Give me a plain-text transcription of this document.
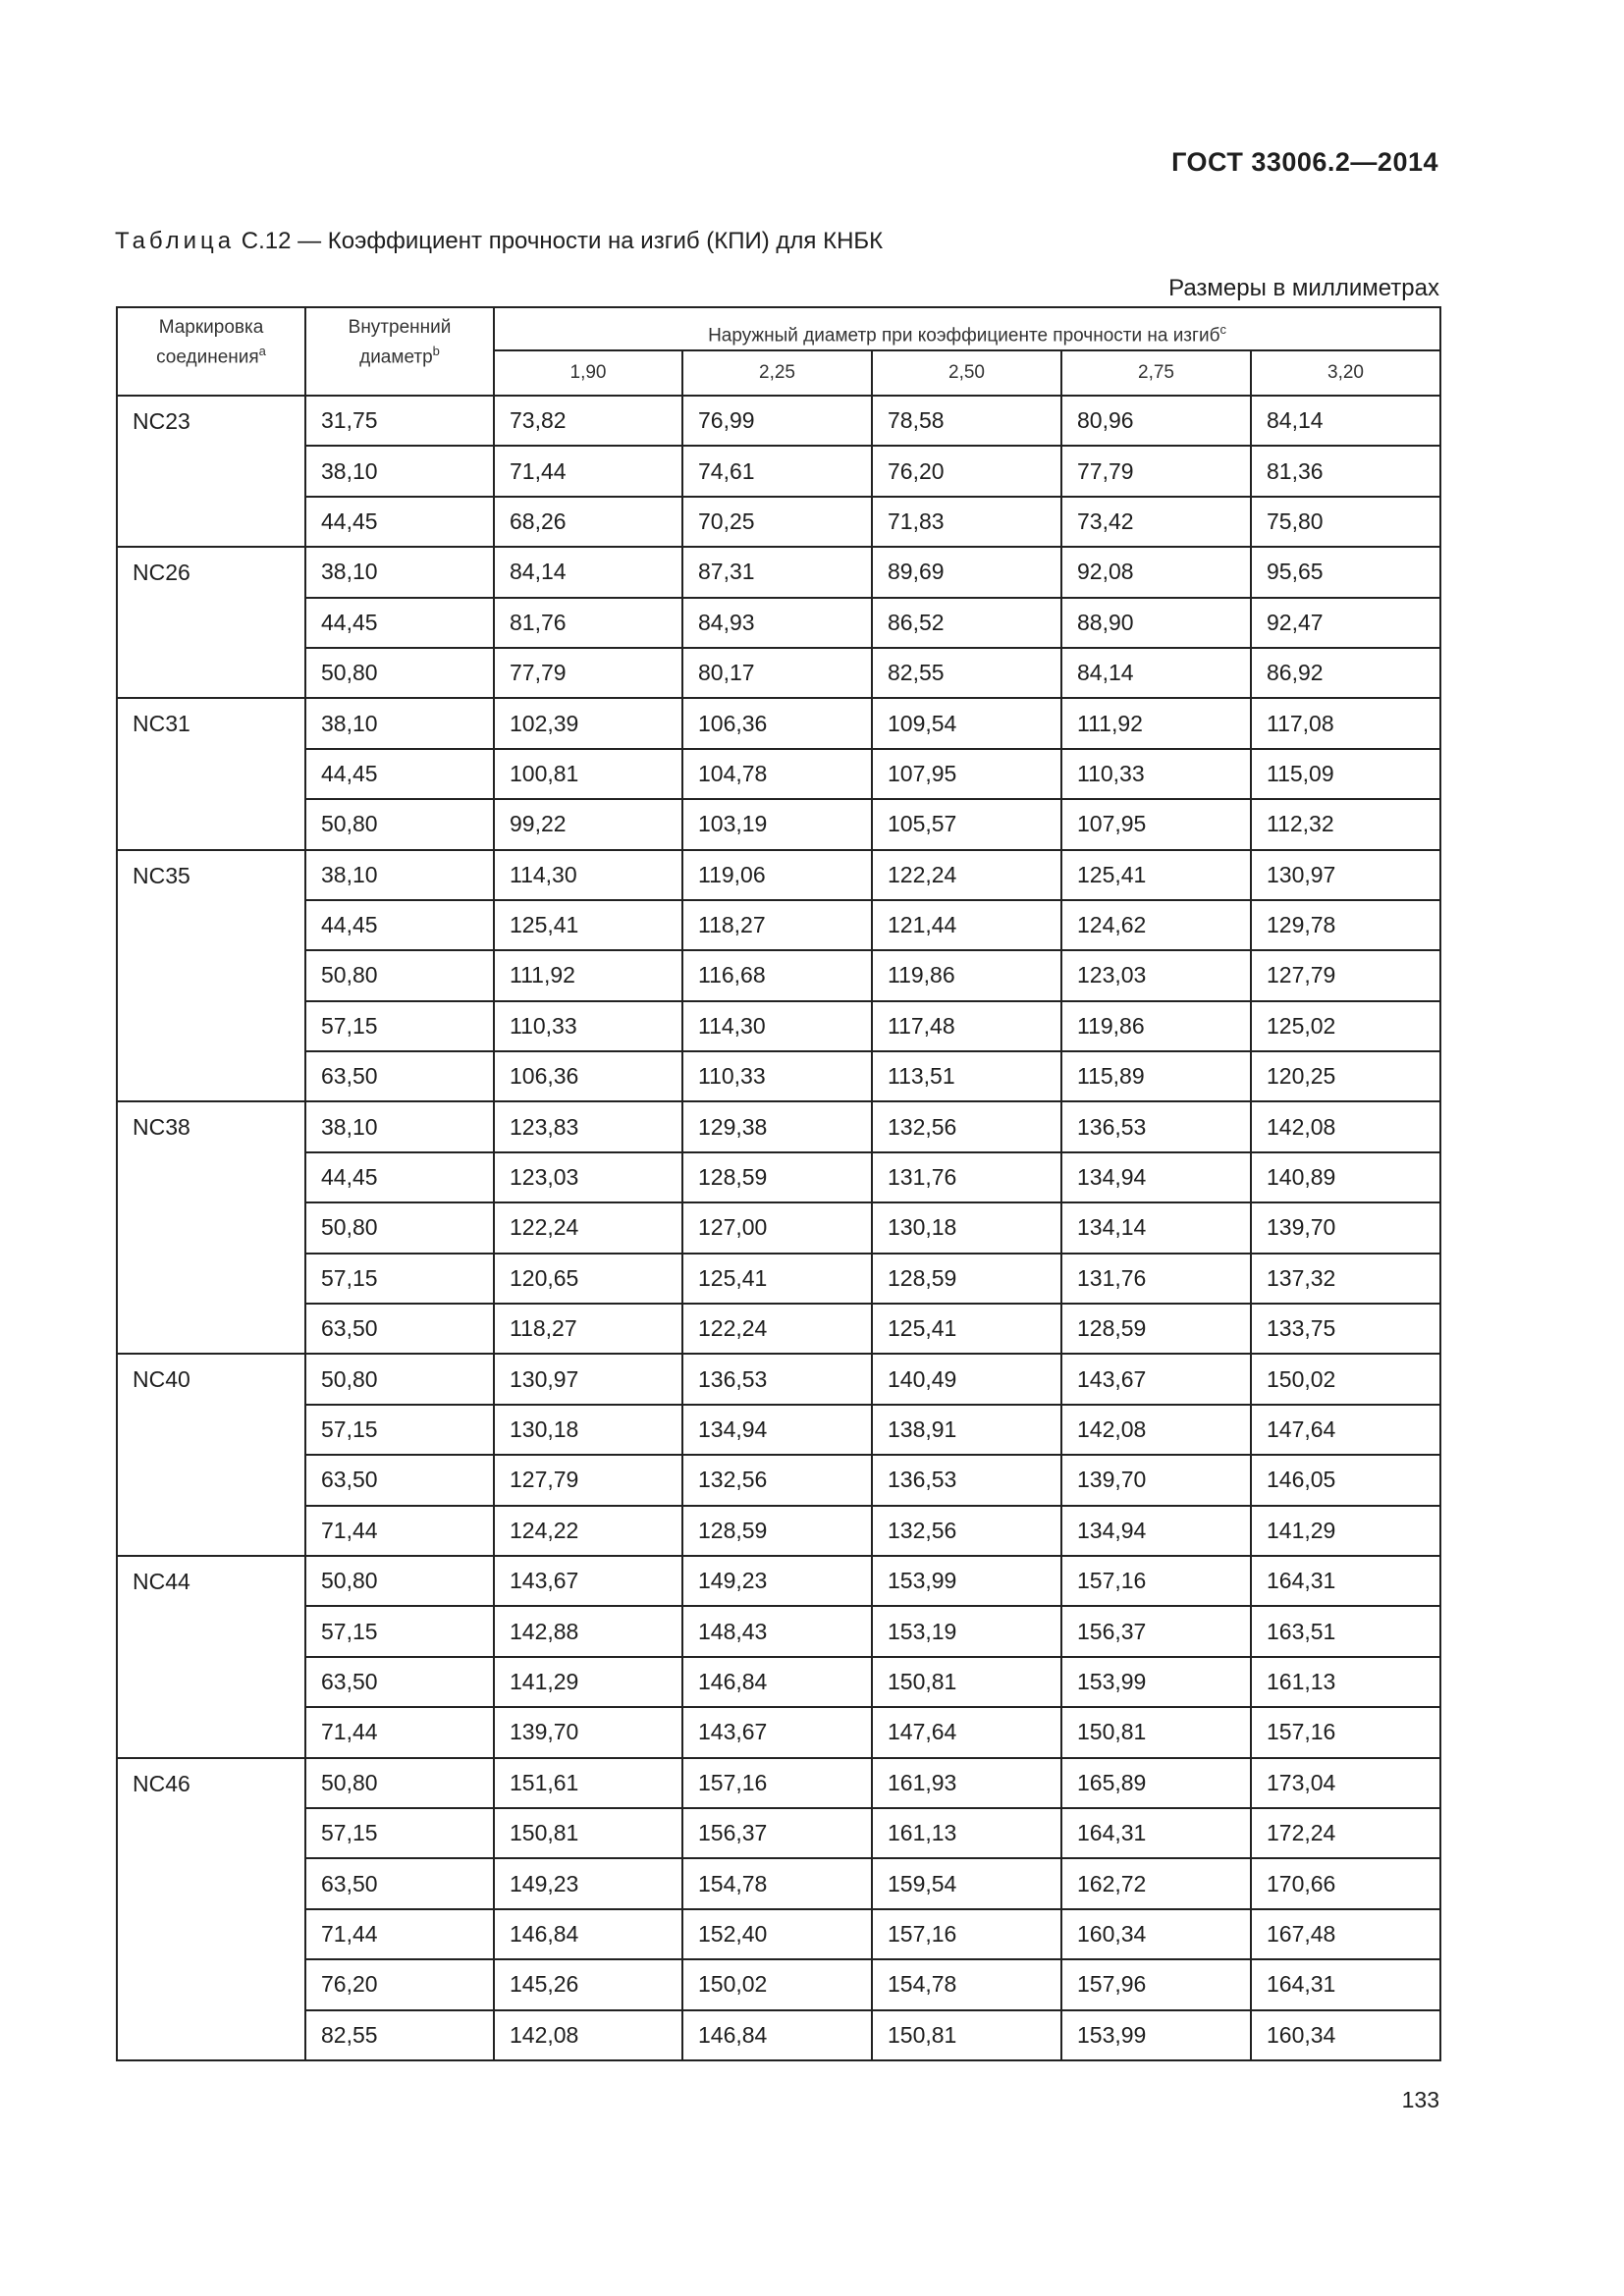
ГОСТ 33006.2—2014
Таблица С.12 — Коэффициент прочности на изгиб (КПИ) для КНБК
Размеры в миллиметрах
Маркировка соединения$^a$	Внутренний диаметр$^b$	Наружный диаметр при коэффициенте прочности на изгиб$^c$
		1,90	2,25	2,50	2,75	3,20
NC23	31,75	73,82	76,99	78,58	80,96	84,14
	38,10	71,44	74,61	76,20	77,79	81,36
	44,45	68,26	70,25	71,83	73,42	75,80
NC26	38,10	84,14	87,31	89,69	92,08	95,65
	44,45	81,76	84,93	86,52	88,90	92,47
	50,80	77,79	80,17	82,55	84,14	86,92
NC31	38,10	102,39	106,36	109,54	111,92	117,08
	44,45	100,81	104,78	107,95	110,33	115,09
	50,80	99,22	103,19	105,57	107,95	112,32
NC35	38,10	114,30	119,06	122,24	125,41	130,97
	44,45	125,41	118,27	121,44	124,62	129,78
	50,80	111,92	116,68	119,86	123,03	127,79
	57,15	110,33	114,30	117,48	119,86	125,02
	63,50	106,36	110,33	113,51	115,89	120,25
NC38	38,10	123,83	129,38	132,56	136,53	142,08
	44,45	123,03	128,59	131,76	134,94	140,89
	50,80	122,24	127,00	130,18	134,14	139,70
	57,15	120,65	125,41	128,59	131,76	137,32
	63,50	118,27	122,24	125,41	128,59	133,75
NC40	50,80	130,97	136,53	140,49	143,67	150,02
	57,15	130,18	134,94	138,91	142,08	147,64
	63,50	127,79	132,56	136,53	139,70	146,05
	71,44	124,22	128,59	132,56	134,94	141,29
NC44	50,80	143,67	149,23	153,99	157,16	164,31
	57,15	142,88	148,43	153,19	156,37	163,51
	63,50	141,29	146,84	150,81	153,99	161,13
	71,44	139,70	143,67	147,64	150,81	157,16
NC46	50,80	151,61	157,16	161,93	165,89	173,04
	57,15	150,81	156,37	161,13	164,31	172,24
	63,50	149,23	154,78	159,54	162,72	170,66
	71,44	146,84	152,40	157,16	160,34	167,48
	76,20	145,26	150,02	154,78	157,96	164,31
	82,55	142,08	146,84	150,81	153,99	160,34
133
